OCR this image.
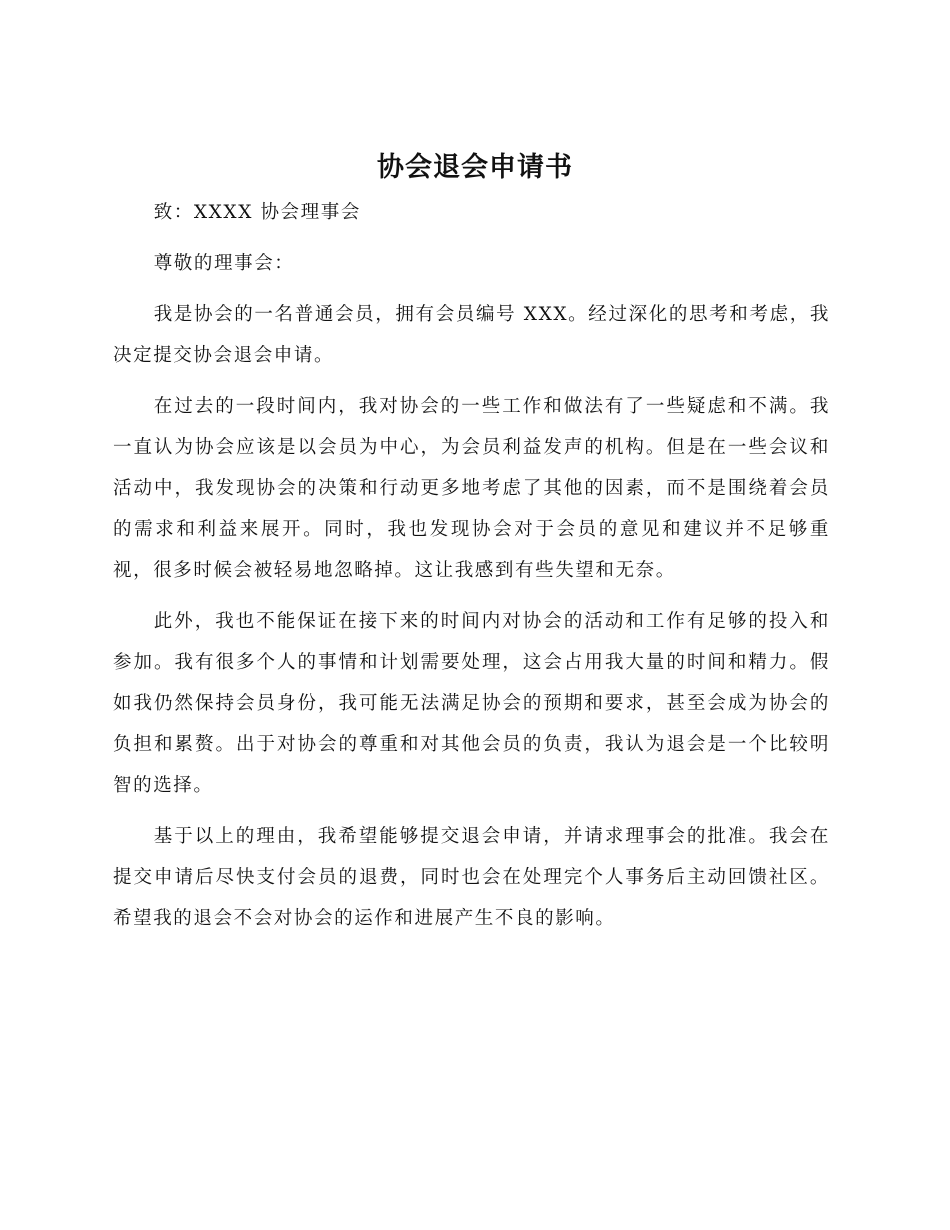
协会退会申请书

致：XXXX 协会理事会

尊敬的理事会：

我是协会的一名普通会员，拥有会员编号 XXX。经过深化的思考和考虑，我决定提交协会退会申请。

在过去的一段时间内，我对协会的一些工作和做法有了一些疑虑和不满。我一直认为协会应该是以会员为中心，为会员利益发声的机构。但是在一些会议和活动中，我发现协会的决策和行动更多地考虑了其他的因素，而不是围绕着会员的需求和利益来展开。同时，我也发现协会对于会员的意见和建议并不足够重视，很多时候会被轻易地忽略掉。这让我感到有些失望和无奈。

此外，我也不能保证在接下来的时间内对协会的活动和工作有足够的投入和参加。我有很多个人的事情和计划需要处理，这会占用我大量的时间和精力。假如我仍然保持会员身份，我可能无法满足协会的预期和要求，甚至会成为协会的负担和累赘。出于对协会的尊重和对其他会员的负责，我认为退会是一个比较明智的选择。

基于以上的理由，我希望能够提交退会申请，并请求理事会的批准。我会在提交申请后尽快支付会员的退费，同时也会在处理完个人事务后主动回馈社区。希望我的退会不会对协会的运作和进展产生不良的影响。
